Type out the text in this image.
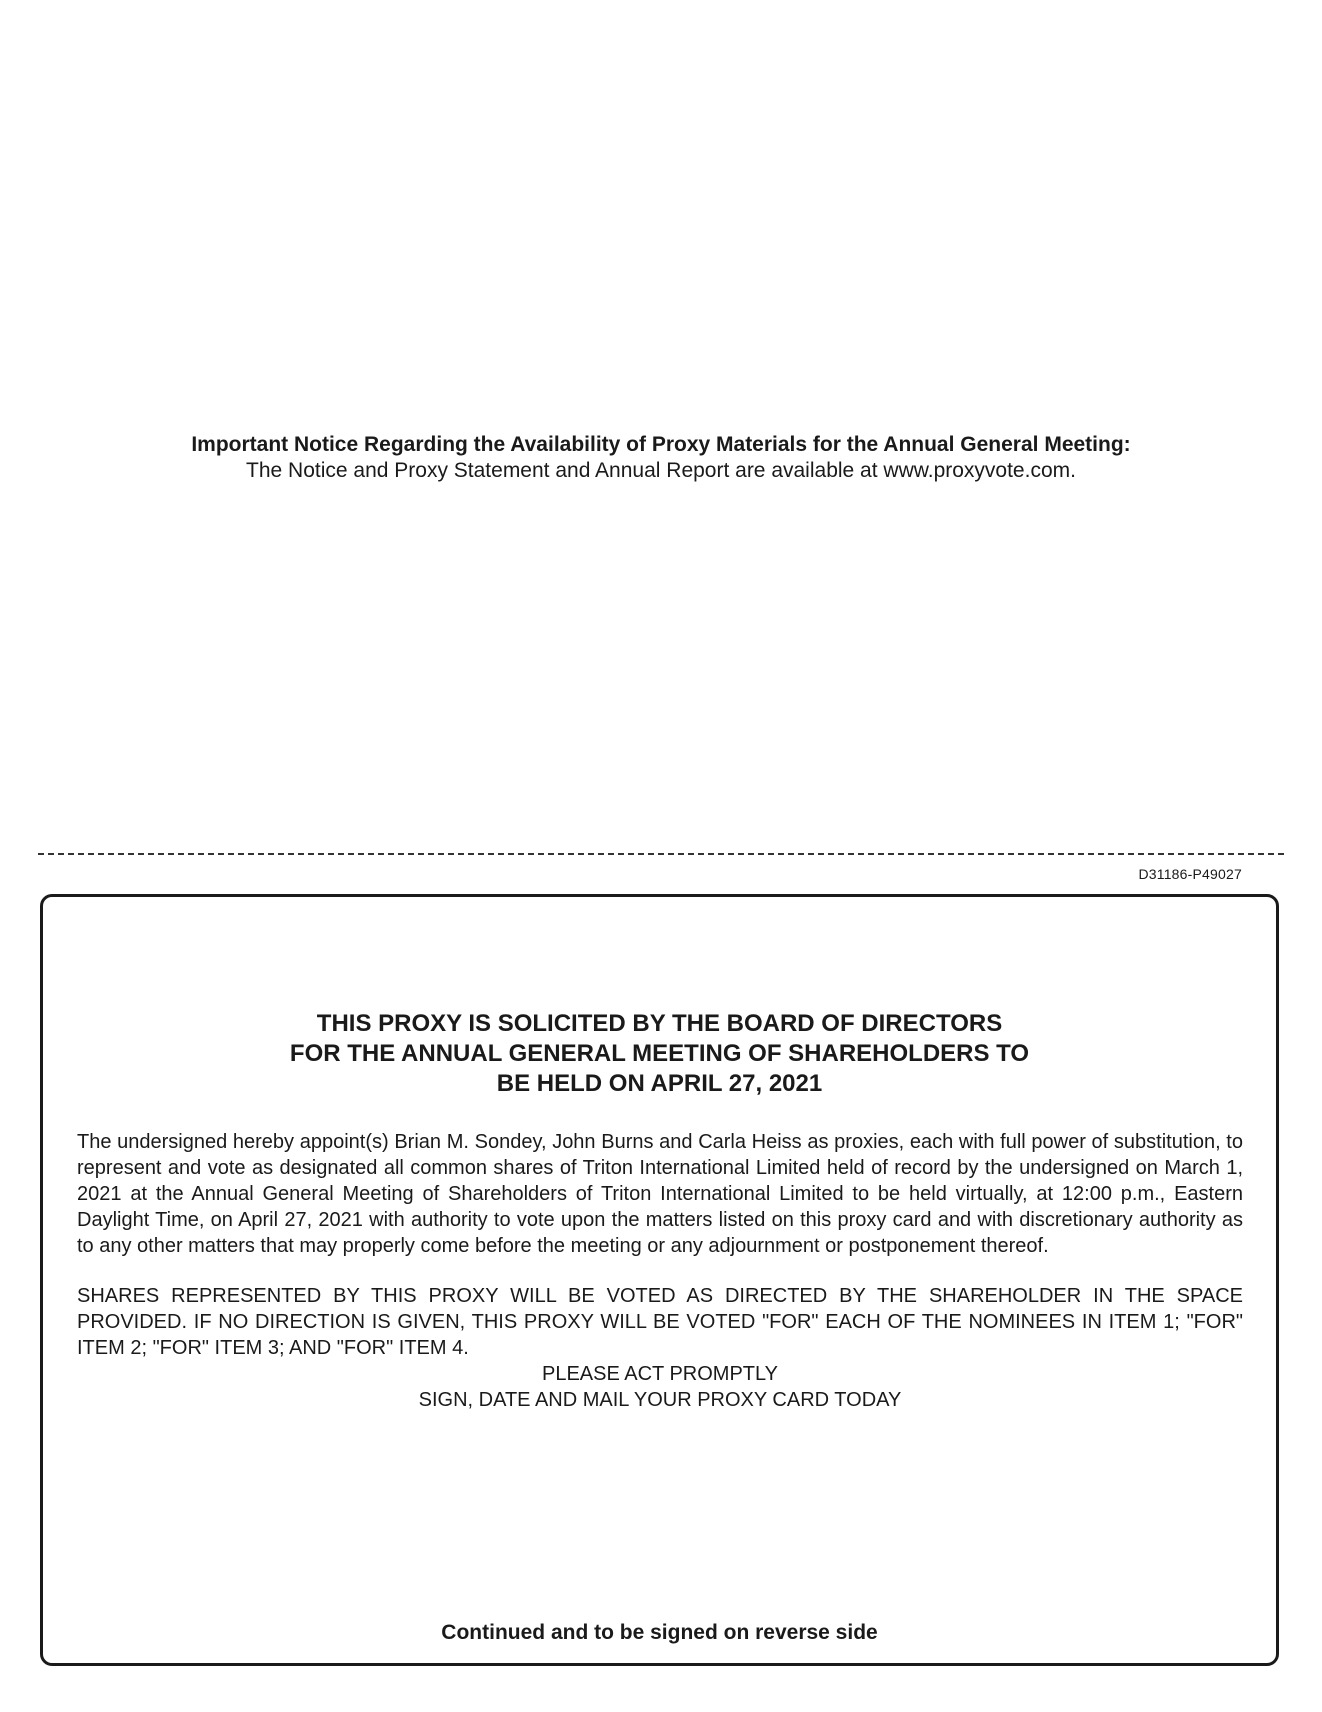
Important Notice Regarding the Availability of Proxy Materials for the Annual General Meeting:
The Notice and Proxy Statement and Annual Report are available at www.proxyvote.com.
D31186-P49027
THIS PROXY IS SOLICITED BY THE BOARD OF DIRECTORS
FOR THE ANNUAL GENERAL MEETING OF SHAREHOLDERS TO
BE HELD ON APRIL 27, 2021

The undersigned hereby appoint(s) Brian M. Sondey, John Burns and Carla Heiss as proxies, each with full power of substitution, to represent and vote as designated all common shares of Triton International Limited held of record by the undersigned on March 1, 2021 at the Annual General Meeting of Shareholders of Triton International Limited to be held virtually, at 12:00 p.m., Eastern Daylight Time, on April 27, 2021 with authority to vote upon the matters listed on this proxy card and with discretionary authority as to any other matters that may properly come before the meeting or any adjournment or postponement thereof.

SHARES REPRESENTED BY THIS PROXY WILL BE VOTED AS DIRECTED BY THE SHAREHOLDER IN THE SPACE PROVIDED. IF NO DIRECTION IS GIVEN, THIS PROXY WILL BE VOTED "FOR" EACH OF THE NOMINEES IN ITEM 1; "FOR" ITEM 2; "FOR" ITEM 3; AND "FOR" ITEM 4.

PLEASE ACT PROMPTLY
SIGN, DATE AND MAIL YOUR PROXY CARD TODAY
Continued and to be signed on reverse side
